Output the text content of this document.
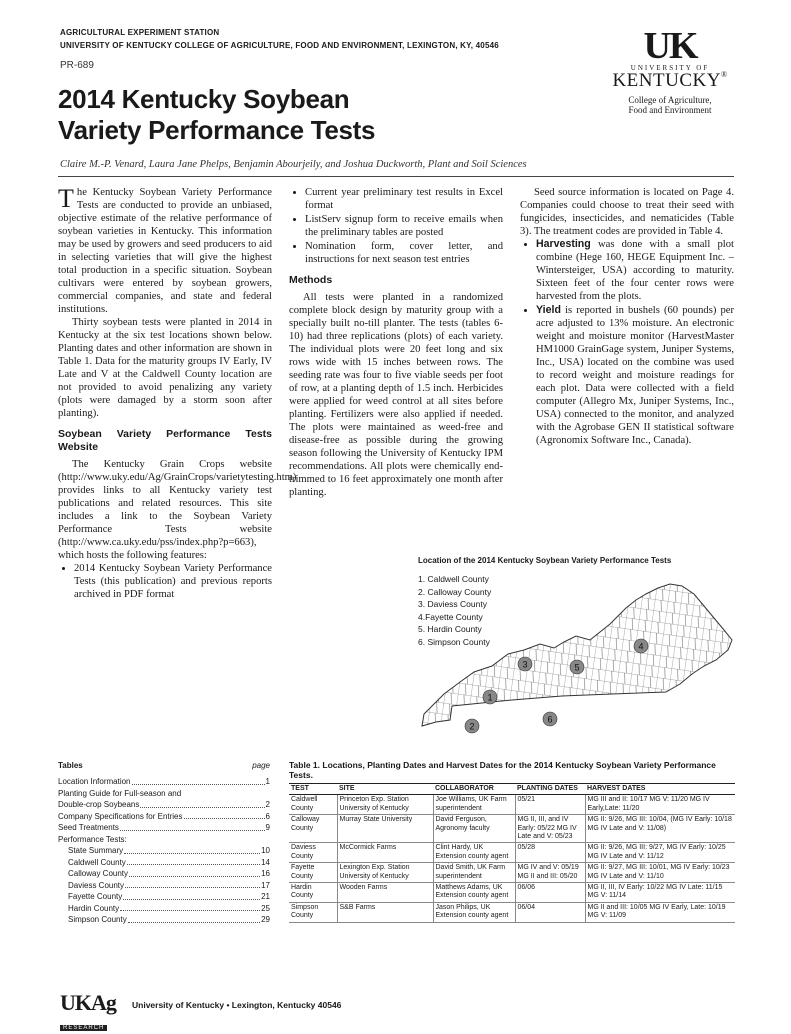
AGRICULTURAL EXPERIMENT STATION
UNIVERSITY OF KENTUCKY COLLEGE OF AGRICULTURE, FOOD AND ENVIRONMENT, LEXINGTON, KY, 40546
PR-689	UK
UNIVERSITY OF
KENTUCKY®
College of Agriculture,
Food and Environment
2014 Kentucky Soybean
Variety Performance Tests
Claire M.-P. Venard, Laura Jane Phelps, Benjamin Abourjeily, and Joshua Duckworth, Plant and Soil Sciences

The Kentucky Soybean Variety Performance Tests are conducted to provide an unbiased, objective estimate of the relative performance of soybean varieties in Kentucky. This information may be used by growers and seed producers to aid in selecting varieties that will give the highest total production in a specific situation. Soybean cultivars were entered by soybean growers, commercial companies, and state and federal institutions.

Thirty soybean tests were planted in 2014 in Kentucky at the six test locations shown below. Planting dates and other information are shown in Table 1. Data for the maturity groups IV Early, IV Late and V at the Caldwell County location are not provided to avoid penalizing any variety (plots were damaged by a storm soon after planting).

Soybean Variety Performance Tests Website

The Kentucky Grain Crops website (http://www.uky.edu/Ag/GrainCrops/varietytesting.htm) provides links to all Kentucky variety test publications and related resources. This site includes a link to the Soybean Variety Performance Tests website (http://www.ca.uky.edu/pss/index.php?p=663), which hosts the following features:

• 2014 Kentucky Soybean Variety Performance Tests (this publication) and previous reports archived in PDF format
• Current year preliminary test results in Excel format
• ListServ signup form to receive emails when the preliminary tables are posted
• Nomination form, cover letter, and instructions for next season test entries
Methods

All tests were planted in a randomized complete block design by maturity group with a specially built no-till planter. The tests (tables 6-10) had three replications (plots) of each variety. The individual plots were 20 feet long and six rows wide with 15 inches between rows. The seeding rate was four to five viable seeds per foot of row, at a planting depth of 1.5 inch. Herbicides were applied for weed control at all sites before planting. Fertilizers were also applied if needed. The plots were maintained as weed-free and disease-free as possible during the growing season following the University of Kentucky IPM recommendations. All plots were chemically end-trimmed to 16 feet approximately one month after planting.

Seed source information is located on Page 4. Companies could choose to treat their seed with fungicides, insecticides, and nematicides (Table 3). The treatment codes are provided in Table 4.

• Harvesting was done with a small plot combine (Hege 160, HEGE Equipment Inc. –Wintersteiger, USA) according to maturity. Sixteen feet of the four center rows were harvested from the plots.
• Yield is reported in bushels (60 pounds) per acre adjusted to 13% moisture. An electronic weight and moisture monitor (HarvestMaster HM1000 GrainGage system, Juniper Systems, Inc., USA) located on the combine was used to record weight and moisture readings for each plot. Data were collected with a field computer (Allegro Mx, Juniper Systems, Inc., USA) connected to the monitor, and analyzed with the Agrobase GEN II statistical software (Agronomix Software Inc., Canada).
Location of the 2014 Kentucky Soybean Variety Performance Tests
1. Caldwell County
2. Calloway County
3. Daviess County
4.Fayette County
5. Hardin County
6. Simpson County
1
2
3
4
5
6
Tables	page
Location Information	1
Planting Guide for Full-season and
Double-crop Soybeans	2
Company Specifications for Entries	6
Seed Treatments	9
Performance Tests:
State Summary	10
Caldwell County	14
Calloway County	16
Daviess County	17
Fayette County	21
Hardin County	25
Simpson County	29
Table 1. Locations, Planting Dates and Harvest Dates for the 2014 Kentucky Soybean Variety Performance Tests.
TEST	SITE	COLLABORATOR	PLANTING DATES	HARVEST DATES
Caldwell County	Princeton Exp. Station University of Kentucky	Joe Williams, UK Farm superintendent	05/21	MG III and II: 10/17 MG V: 11/20 MG IV Early,Late: 11/20
Calloway County	Murray State University	David Ferguson, Agronomy faculty	MG II, III, and IV Early: 05/22 MG IV Late and V: 05/23	MG II: 9/26, MG III: 10/04, (MG IV Early: 10/18 MG IV Late and V: 11/08)
Daviess County	McCormick Farms	Clint Hardy, UK Extension county agent	05/28	MG II: 9/26, MG III: 9/27, MG IV Early: 10/25 MG IV Late and V: 11/12
Fayette County	Lexington Exp. Station University of Kentucky	David Smith, UK Farm superintendent	MG IV and V: 05/19 MG II and III: 05/20	MG II: 9/27, MG III: 10/01, MG IV Early: 10/23 MG IV Late and V: 11/10
Hardin County	Wooden Farms	Matthews Adams, UK Extension county agent	06/06	MG II, III, IV Early: 10/22 MG IV Late: 11/15 MG V: 11/14
Simpson County	S&B Farms	Jason Philips, UK Extension county agent	06/04	MG II and III: 10/05 MG IV Early, Late: 10/19 MG V: 11/09
UKAg
RESEARCH
University of Kentucky • Lexington, Kentucky 40546
